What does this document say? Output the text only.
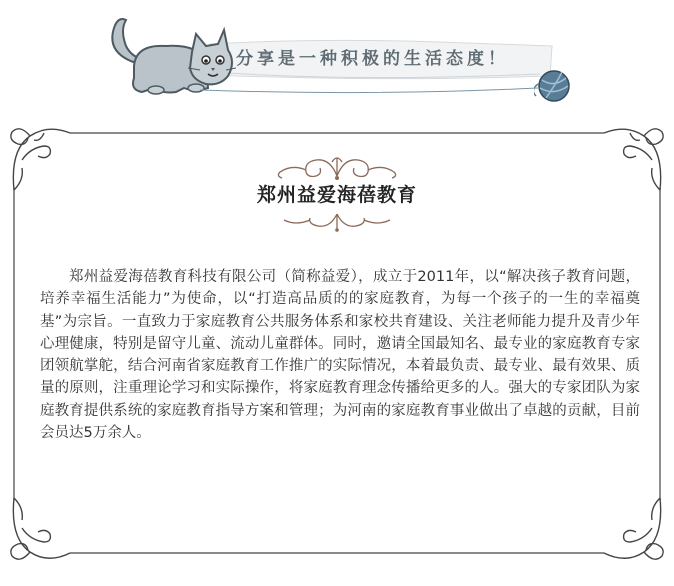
分享是一种积极的生活态度！
郑州益爱海蓓教育

郑州益爱海蓓教育科技有限公司（简称益爱），成立于2011年，以“解决孩子教育问题，培养幸福生活能力”为使命，以“打造高品质的的家庭教育，为每一个孩子的一生的幸福奠基”为宗旨。一直致力于家庭教育公共服务体系和家校共育建设、关注老师能力提升及青少年心理健康，特别是留守儿童、流动儿童群体。同时，邀请全国最知名、最专业的家庭教育专家团领航掌舵，结合河南省家庭教育工作推广的实际情况，本着最负责、最专业、最有效果、质量的原则，注重理论学习和实际操作，将家庭教育理念传播给更多的人。强大的专家团队为家庭教育提供系统的家庭教育指导方案和管理；为河南的家庭教育事业做出了卓越的贡献，目前会员达5万余人。
